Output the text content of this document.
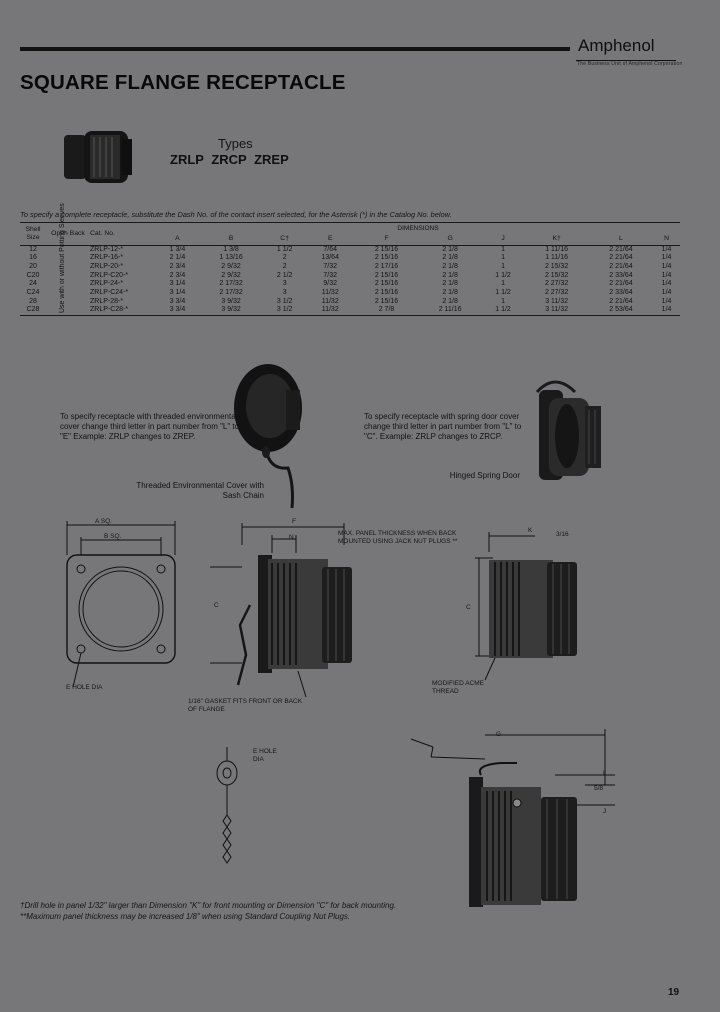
Amphenol
The Business Unit of Amphenol Corporation
SQUARE FLANGE RECEPTACLE
Types
ZRLP ZRCP ZREP
To specify a complete receptacle, substitute the Dash No. of the contact insert selected, for the Asterisk (*) in the Catalog No. below.
Shell Size	Open Back	Cat. No.	DIMENSIONS									
			A	B	C†	E	F	G	J	K†	L	N
12	Use with or without Potting Sleeves	ZRLP-12-*	1 3/4	1 3/8	1 1/2	7/64	2 15/16	2 1/8	1	1 11/16	2 21/64	1/4
16		ZRLP-16-*	2 1/4	1 13/16	2	13/64	2 15/16	2 1/8	1	1 11/16	2 21/64	1/4
20		ZRLP-20-*	2 3/4	2 9/32	2	7/32	2 17/16	2 1/8	1	2 15/32	2 21/64	1/4
C20		ZRLP-C20-*	2 3/4	2 9/32	2 1/2	7/32	2 15/16	2 1/8	1 1/2	2 15/32	2 33/64	1/4
24		ZRLP-24-*	3 1/4	2 17/32	3	9/32	2 15/16	2 1/8	1	2 27/32	2 21/64	1/4
C24		ZRLP-C24-*	3 1/4	2 17/32	3	11/32	2 15/16	2 1/8	1 1/2	2 27/32	2 33/64	1/4
28		ZRLP-28-*	3 3/4	3 9/32	3 1/2	11/32	2 15/16	2 1/8	1	3 11/32	2 21/64	1/4
C28		ZRLP-C28-*	3 3/4	3 9/32	3 1/2	11/32	2 7/8	2 11/16	1 1/2	3 11/32	2 53/64	1/4
To specify receptacle with threaded environmental cover change third letter in part number from "L" to "E" Example: ZRLP changes to ZREP.
Threaded Environmental Cover with Sash Chain
To specify receptacle with spring door cover change third letter in part number from "L" to "C". Example: ZRLP changes to ZRCP.
Hinged Spring Door
A SQ.
B SQ.
E HOLE DIA
F
N
C
MAX. PANEL THICKNESS WHEN BACK MOUNTED USING JACK NUT PLUGS **
1/16" GASKET FITS FRONT OR BACK OF FLANGE
K
3/16
C
MODIFIED ACME THREAD
E HOLE DIA
G
L
5/8
J
†Drill hole in panel 1/32" larger than Dimension "K" for front mounting or Dimension "C" for back mounting.
**Maximum panel thickness may be increased 1/8" when using Standard Coupling Nut Plugs.
19
